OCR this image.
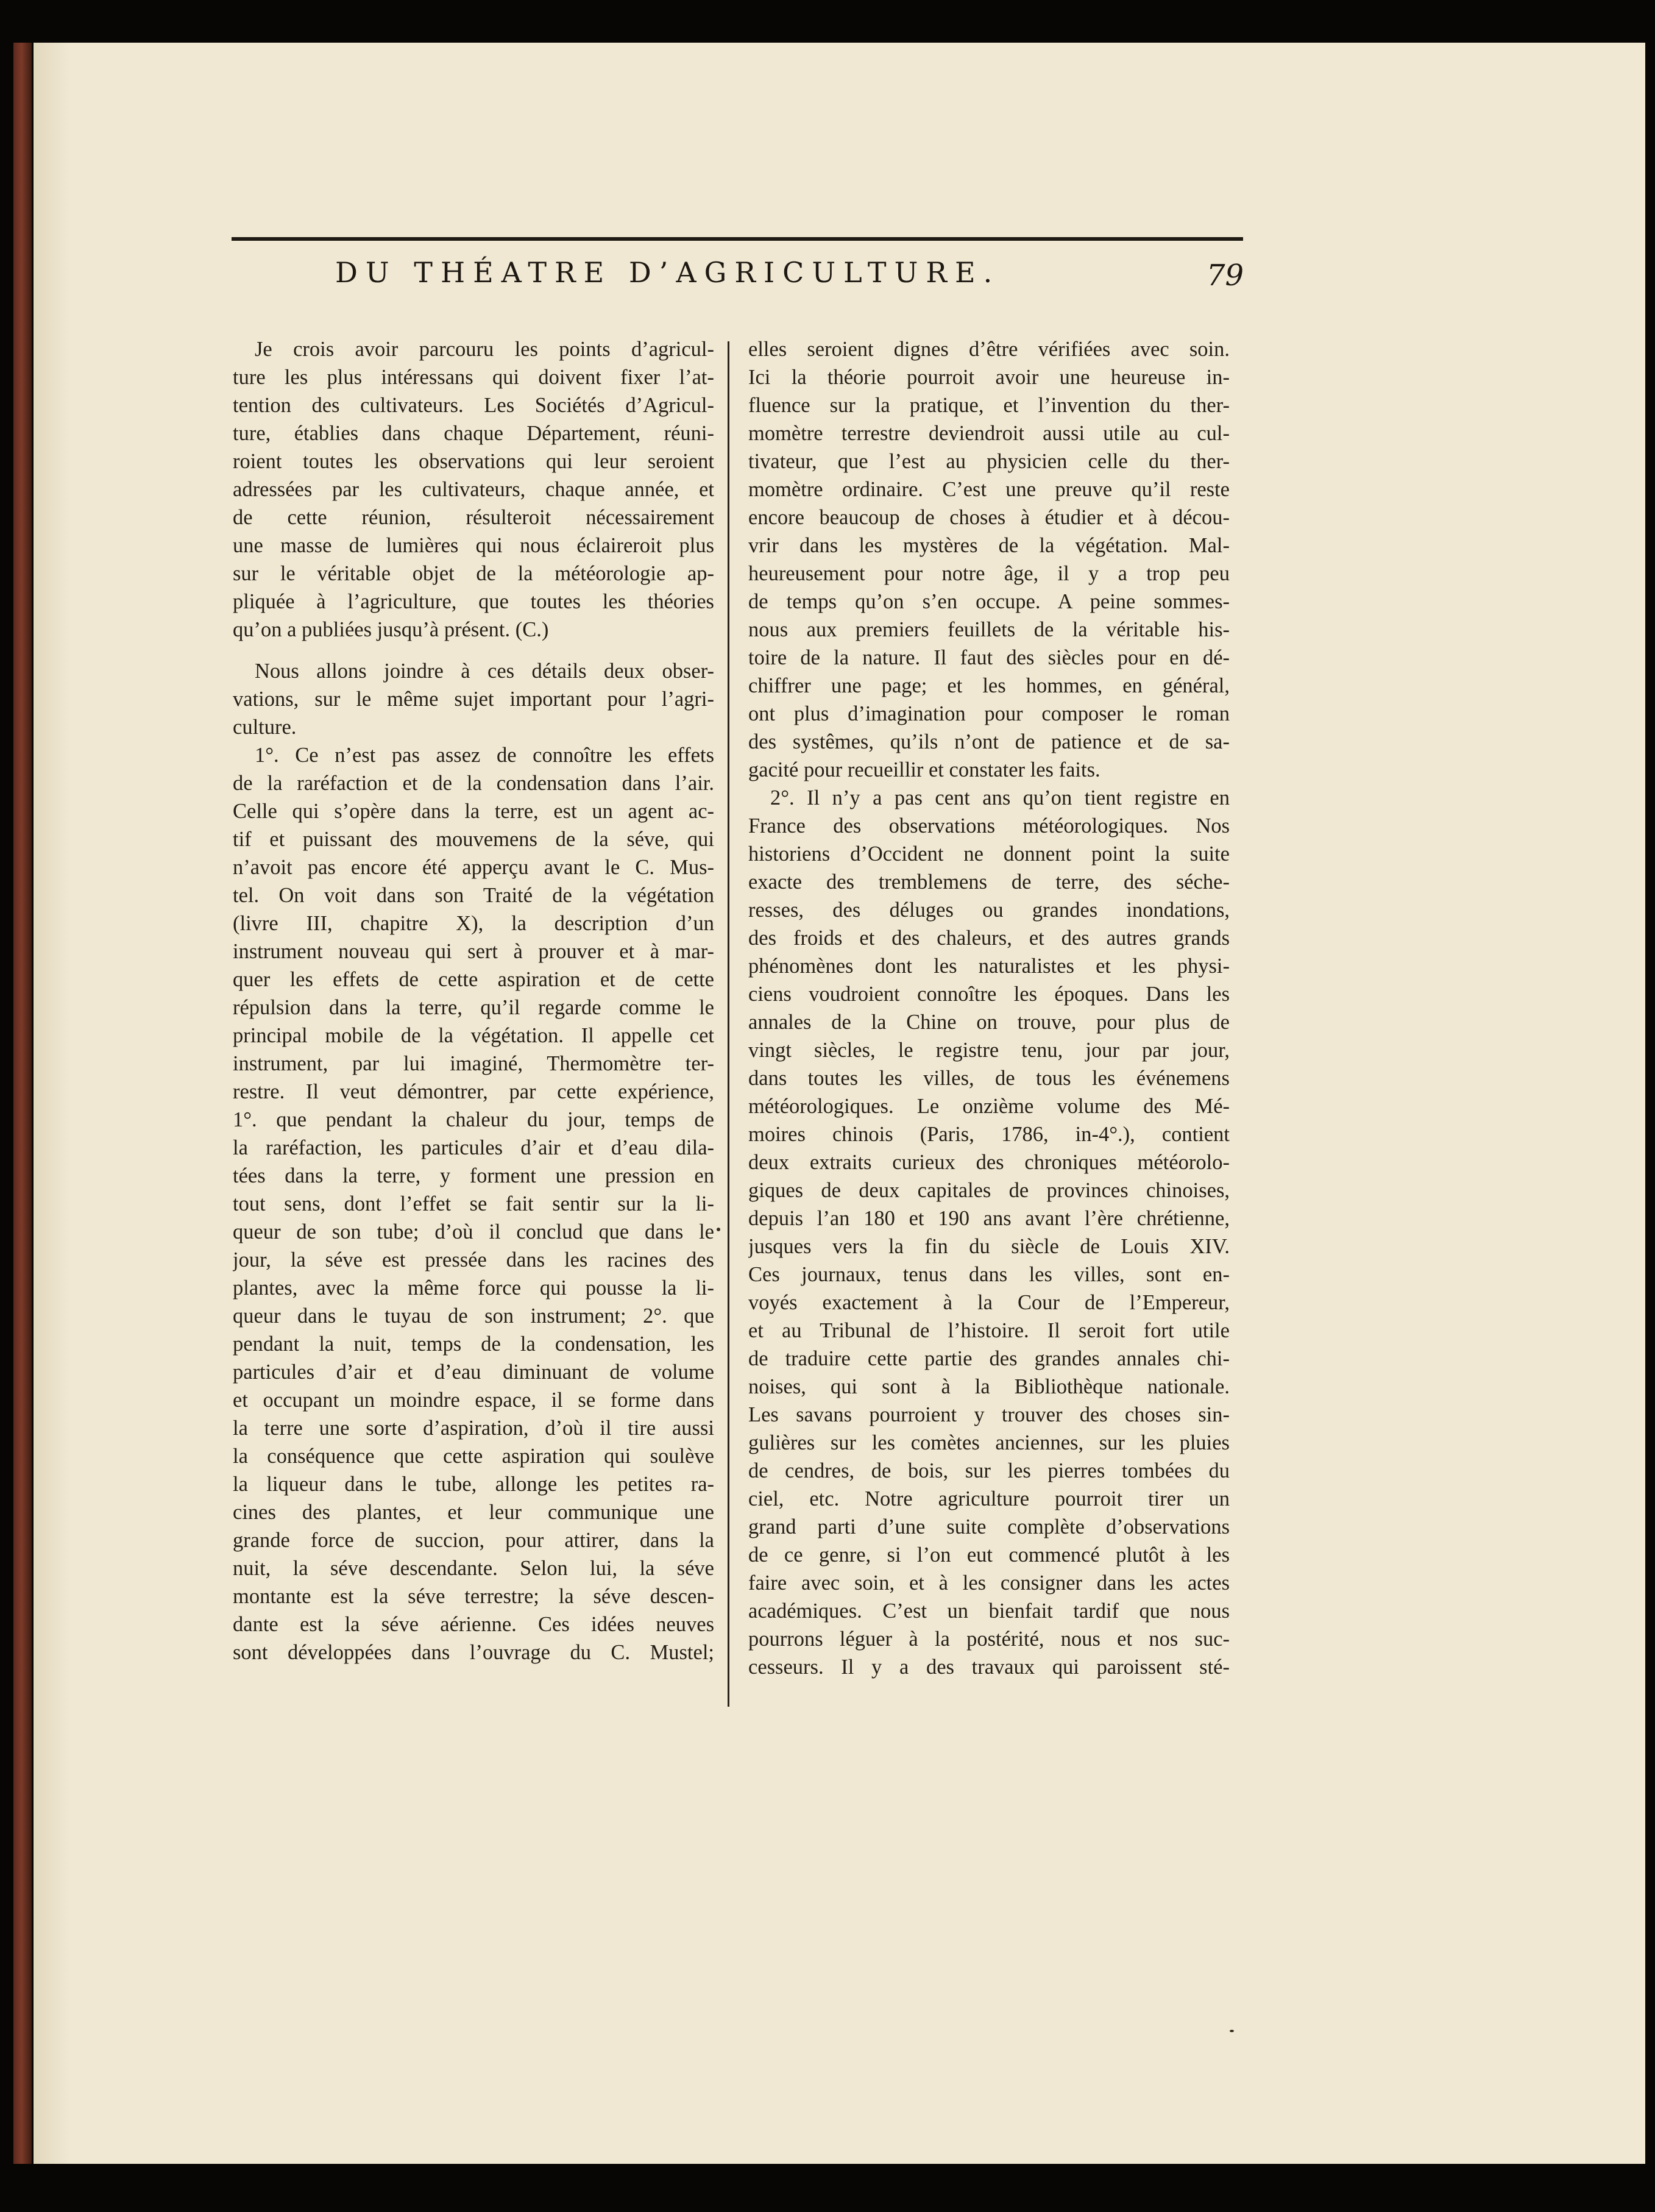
DU THÉATRE D’AGRICULTURE.	79
Je crois avoir parcouru les points d’agricul-
ture les plus intéressans qui doivent fixer l’at-
tention des cultivateurs. Les Sociétés d’Agricul-
ture, établies dans chaque Département, réuni-
roient toutes les observations qui leur seroient
adressées par les cultivateurs, chaque année, et
de cette réunion, résulteroit nécessairement
une masse de lumières qui nous éclaireroit plus
sur le véritable objet de la météorologie ap-
pliquée à l’agriculture, que toutes les théories
qu’on a publiées jusqu’à présent. (C.)
Nous allons joindre à ces détails deux obser-
vations, sur le même sujet important pour l’agri-
culture.
1°. Ce n’est pas assez de connoître les effets
de la raréfaction et de la condensation dans l’air.
Celle qui s’opère dans la terre, est un agent ac-
tif et puissant des mouvemens de la séve, qui
n’avoit pas encore été apperçu avant le C. Mus-
tel. On voit dans son Traité de la végétation
(livre III, chapitre X), la description d’un
instrument nouveau qui sert à prouver et à mar-
quer les effets de cette aspiration et de cette
répulsion dans la terre, qu’il regarde comme le
principal mobile de la végétation. Il appelle cet
instrument, par lui imaginé, Thermomètre ter-
restre. Il veut démontrer, par cette expérience,
1°. que pendant la chaleur du jour, temps de
la raréfaction, les particules d’air et d’eau dila-
tées dans la terre, y forment une pression en
tout sens, dont l’effet se fait sentir sur la li-
queur de son tube; d’où il conclud que dans le
jour, la séve est pressée dans les racines des
plantes, avec la même force qui pousse la li-
queur dans le tuyau de son instrument; 2°. que
pendant la nuit, temps de la condensation, les
particules d’air et d’eau diminuant de volume
et occupant un moindre espace, il se forme dans
la terre une sorte d’aspiration, d’où il tire aussi
la conséquence que cette aspiration qui soulève
la liqueur dans le tube, allonge les petites ra-
cines des plantes, et leur communique une
grande force de succion, pour attirer, dans la
nuit, la séve descendante. Selon lui, la séve
montante est la séve terrestre; la séve descen-
dante est la séve aérienne. Ces idées neuves
sont développées dans l’ouvrage du C. Mustel;
elles seroient dignes d’être vérifiées avec soin.
Ici la théorie pourroit avoir une heureuse in-
fluence sur la pratique, et l’invention du ther-
momètre terrestre deviendroit aussi utile au cul-
tivateur, que l’est au physicien celle du ther-
momètre ordinaire. C’est une preuve qu’il reste
encore beaucoup de choses à étudier et à décou-
vrir dans les mystères de la végétation. Mal-
heureusement pour notre âge, il y a trop peu
de temps qu’on s’en occupe. A peine sommes-
nous aux premiers feuillets de la véritable his-
toire de la nature. Il faut des siècles pour en dé-
chiffrer une page; et les hommes, en général,
ont plus d’imagination pour composer le roman
des systêmes, qu’ils n’ont de patience et de sa-
gacité pour recueillir et constater les faits.
2°. Il n’y a pas cent ans qu’on tient registre en
France des observations météorologiques. Nos
historiens d’Occident ne donnent point la suite
exacte des tremblemens de terre, des séche-
resses, des déluges ou grandes inondations,
des froids et des chaleurs, et des autres grands
phénomènes dont les naturalistes et les physi-
ciens voudroient connoître les époques. Dans les
annales de la Chine on trouve, pour plus de
vingt siècles, le registre tenu, jour par jour,
dans toutes les villes, de tous les événemens
météorologiques. Le onzième volume des Mé-
moires chinois (Paris, 1786, in-4°.), contient
deux extraits curieux des chroniques météorolo-
giques de deux capitales de provinces chinoises,
depuis l’an 180 et 190 ans avant l’ère chrétienne,
jusques vers la fin du siècle de Louis XIV.
Ces journaux, tenus dans les villes, sont en-
voyés exactement à la Cour de l’Empereur,
et au Tribunal de l’histoire. Il seroit fort utile
de traduire cette partie des grandes annales chi-
noises, qui sont à la Bibliothèque nationale.
Les savans pourroient y trouver des choses sin-
gulières sur les comètes anciennes, sur les pluies
de cendres, de bois, sur les pierres tombées du
ciel, etc. Notre agriculture pourroit tirer un
grand parti d’une suite complète d’observations
de ce genre, si l’on eut commencé plutôt à les
faire avec soin, et à les consigner dans les actes
académiques. C’est un bienfait tardif que nous
pourrons léguer à la postérité, nous et nos suc-
cesseurs. Il y a des travaux qui paroissent sté-
